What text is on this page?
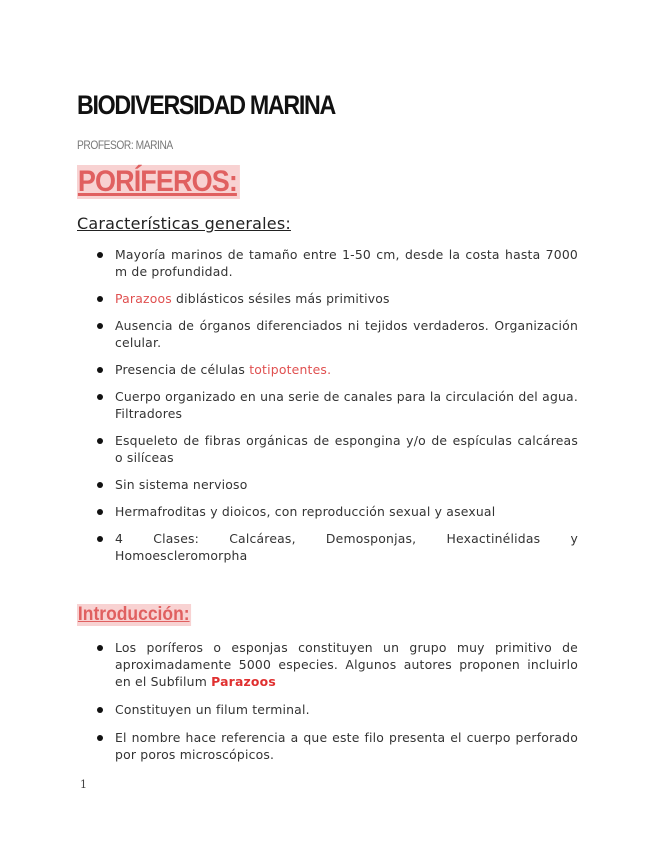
BIODIVERSIDAD MARINA
PROFESOR: MARINA
PORÍFEROS:
Características generales:
Mayoría marinos de tamaño entre 1-50 cm, desde la costa hasta 7000 m de profundidad.
Parazoos diblásticos sésiles más primitivos
Ausencia de órganos diferenciados ni tejidos verdaderos. Organización celular.
Presencia de células totipotentes.
Cuerpo organizado en una serie de canales para la circulación del agua. Filtradores
Esqueleto de fibras orgánicas de espongina y/o de espículas calcáreas o silíceas
Sin sistema nervioso
Hermafroditas y dioicos, con reproducción sexual y asexual
4 Clases: Calcáreas, Demosponjas, Hexactinélidas y Homoescleromorpha
Introducción:
Los poríferos o esponjas constituyen un grupo muy primitivo de aproximadamente 5000 especies. Algunos autores proponen incluirlo en el Subfilum Parazoos
Constituyen un filum terminal.
El nombre hace referencia a que este filo presenta el cuerpo perforado por poros microscópicos.
1
